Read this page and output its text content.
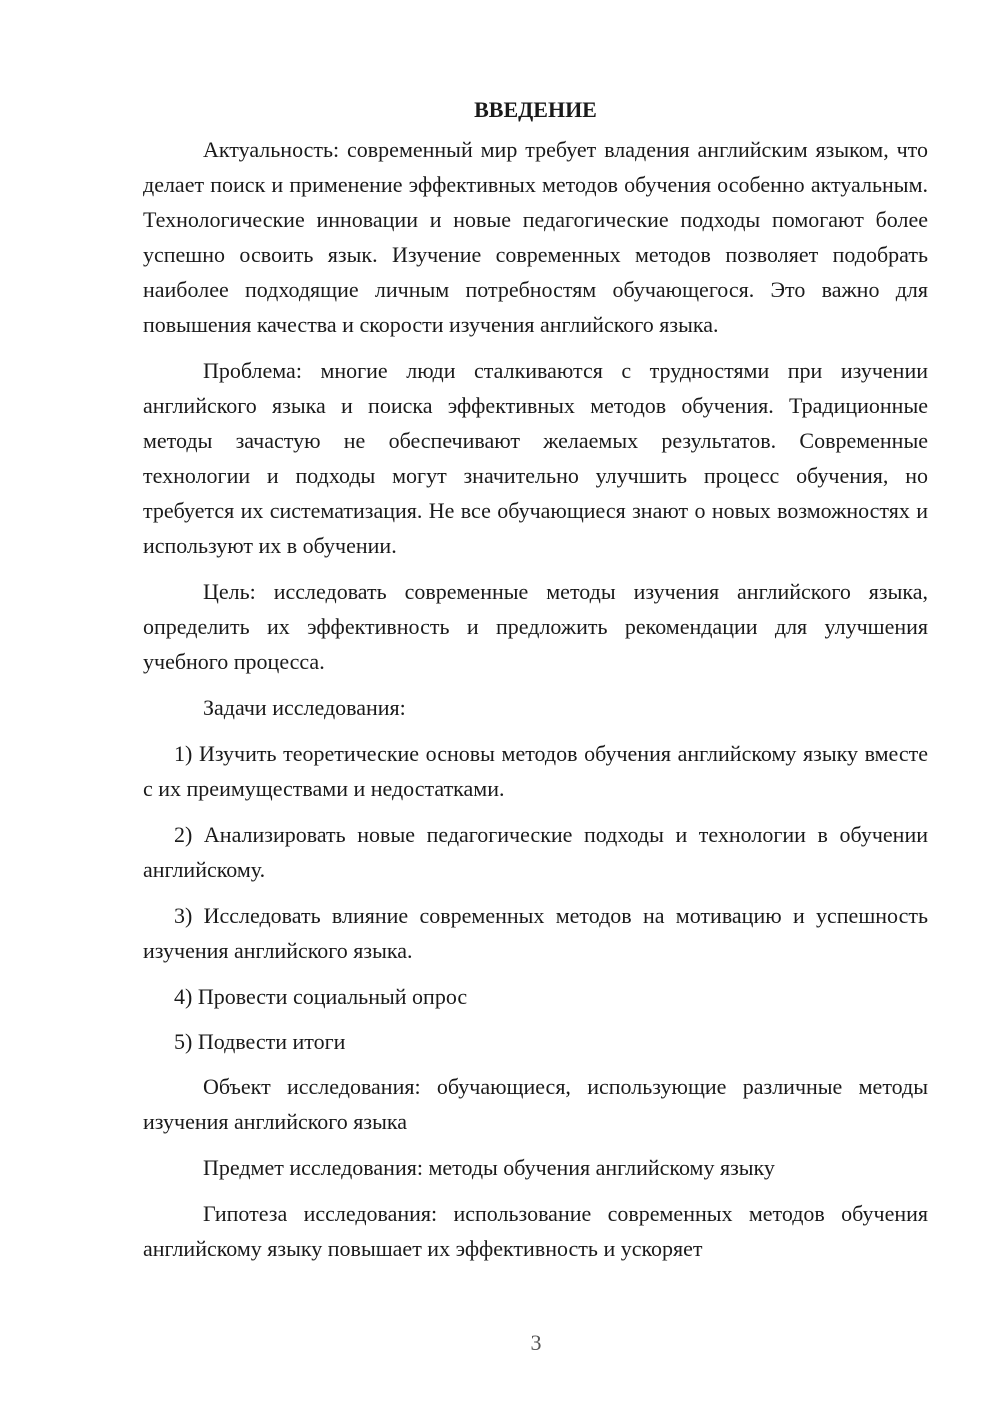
ВВЕДЕНИЕ

Актуальность: современный мир требует владения английским языком, что делает поиск и применение эффективных методов обучения особенно актуальным. Технологические инновации и новые педагогические подходы помогают более успешно освоить язык. Изучение современных методов позволяет подобрать наиболее подходящие личным потребностям обучающегося. Это важно для повышения качества и скорости изучения английского языка.

Проблема: многие люди сталкиваются с трудностями при изучении английского языка и поиска эффективных методов обучения. Традиционные методы зачастую не обеспечивают желаемых результатов. Современные технологии и подходы могут значительно улучшить процесс обучения, но требуется их систематизация. Не все обучающиеся знают о новых возможностях и используют их в обучении.

Цель: исследовать современные методы изучения английского языка, определить их эффективность и предложить рекомендации для улучшения учебного процесса.

Задачи исследования:

1) Изучить теоретические основы методов обучения английскому языку вместе с их преимуществами и недостатками.

2) Анализировать новые педагогические подходы и технологии в обучении английскому.

3) Исследовать влияние современных методов на мотивацию и успешность изучения английского языка.

4) Провести социальный опрос

5) Подвести итоги

Объект исследования: обучающиеся, использующие различные методы изучения английского языка

Предмет исследования: методы обучения английскому языку

Гипотеза исследования: использование современных методов обучения английскому языку повышает их эффективность и ускоряет

3
